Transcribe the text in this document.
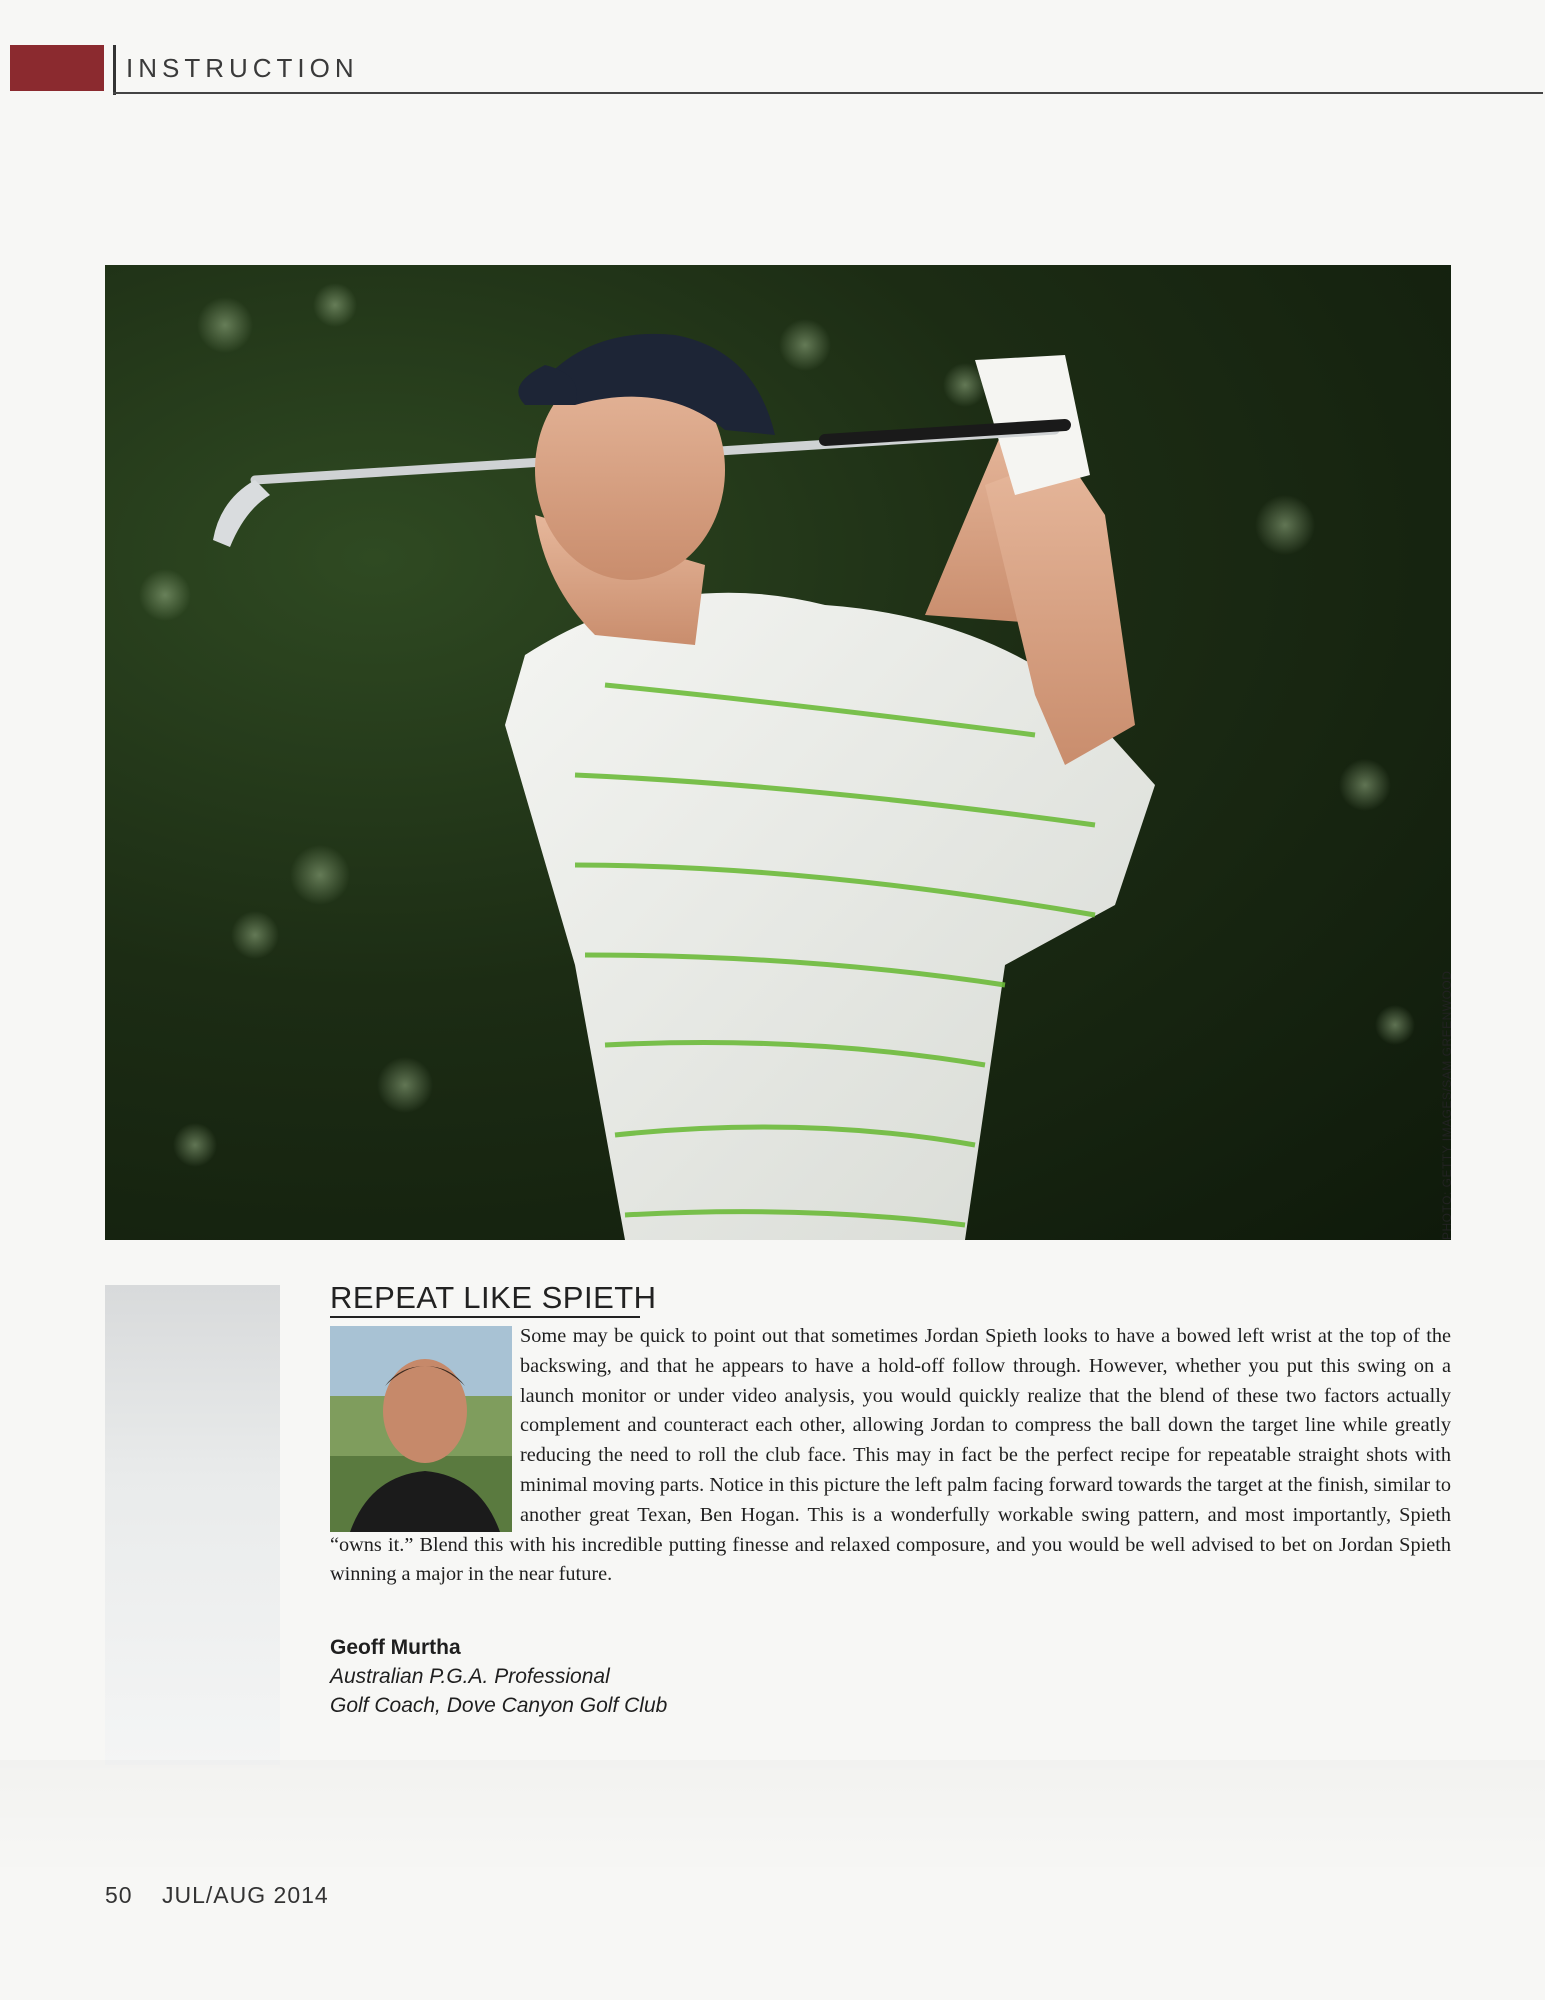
INSTRUCTION
PHOTO: GETTY IMAGES/SAM GREENWOOD
REPEAT LIKE SPIETH

Some may be quick to point out that sometimes Jordan Spieth looks to have a bowed left wrist at the top of the backswing, and that he appears to have a hold-off follow through. However, whether you put this swing on a launch monitor or under video analysis, you would quickly realize that the blend of these two factors actually complement and counteract each other, allowing Jordan to compress the ball down the target line while greatly reducing the need to roll the club face. This may in fact be the perfect recipe for repeatable straight shots with minimal moving parts. Notice in this picture the left palm facing forward towards the target at the finish, similar to another great Texan, Ben Hogan. This is a wonderfully workable swing pattern, and most importantly, Spieth “owns it.” Blend this with his incredible putting finesse and relaxed composure, and you would be well advised to bet on Jordan Spieth winning a major in the near future.

Geoff Murtha
Australian P.G.A. Professional
Golf Coach, Dove Canyon Golf Club
50 JUL/AUG 2014
